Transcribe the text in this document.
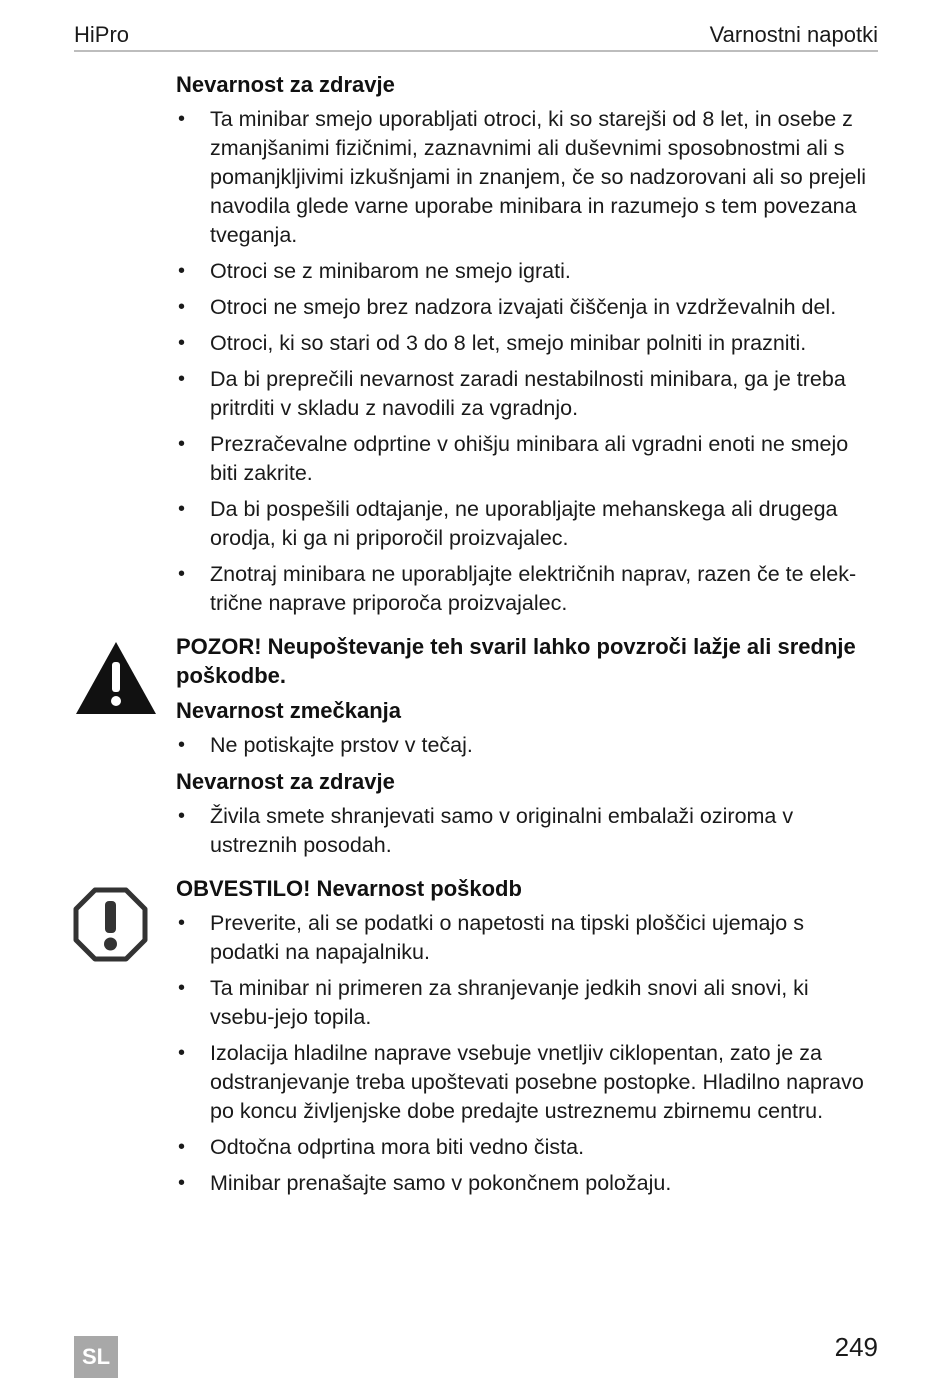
HiPro	Varnostni napotki
Nevarnost za zdravje
• Ta minibar smejo uporabljati otroci, ki so starejši od 8 let, in osebe z zmanjšanimi fizičnimi, zaznavnimi ali duševnimi sposobnostmi ali s pomanjkljivimi izkušnjami in znanjem, če so nadzorovani ali so prejeli navodila glede varne uporabe minibara in razumejo s tem povezana tveganja.
• Otroci se z minibarom ne smejo igrati.
• Otroci ne smejo brez nadzora izvajati čiščenja in vzdrževalnih del.
• Otroci, ki so stari od 3 do 8 let, smejo minibar polniti in prazniti.
• Da bi preprečili nevarnost zaradi nestabilnosti minibara, ga je treba pritrditi v skladu z navodili za vgradnjo.
• Prezračevalne odprtine v ohišju minibara ali vgradni enoti ne smejo biti zakrite.
• Da bi pospešili odtajanje, ne uporabljajte mehanskega ali drugega orodja, ki ga ni priporočil proizvajalec.
• Znotraj minibara ne uporabljajte električnih naprav, razen če te elek-trične naprave priporoča proizvajalec.
POZOR! Neupoštevanje teh svaril lahko povzroči lažje ali srednje poškodbe.
Nevarnost zmečkanja
• Ne potiskajte prstov v tečaj.
Nevarnost za zdravje
• Živila smete shranjevati samo v originalni embalaži oziroma v ustreznih posodah.
OBVESTILO! Nevarnost poškodb
• Preverite, ali se podatki o napetosti na tipski ploščici ujemajo s podatki na napajalniku.
• Ta minibar ni primeren za shranjevanje jedkih snovi ali snovi, ki vsebu-jejo topila.
• Izolacija hladilne naprave vsebuje vnetljiv ciklopentan, zato je za odstranjevanje treba upoštevati posebne postopke. Hladilno napravo po koncu življenjske dobe predajte ustreznemu zbirnemu centru.
• Odtočna odprtina mora biti vedno čista.
• Minibar prenašajte samo v pokončnem položaju.
SL	249
